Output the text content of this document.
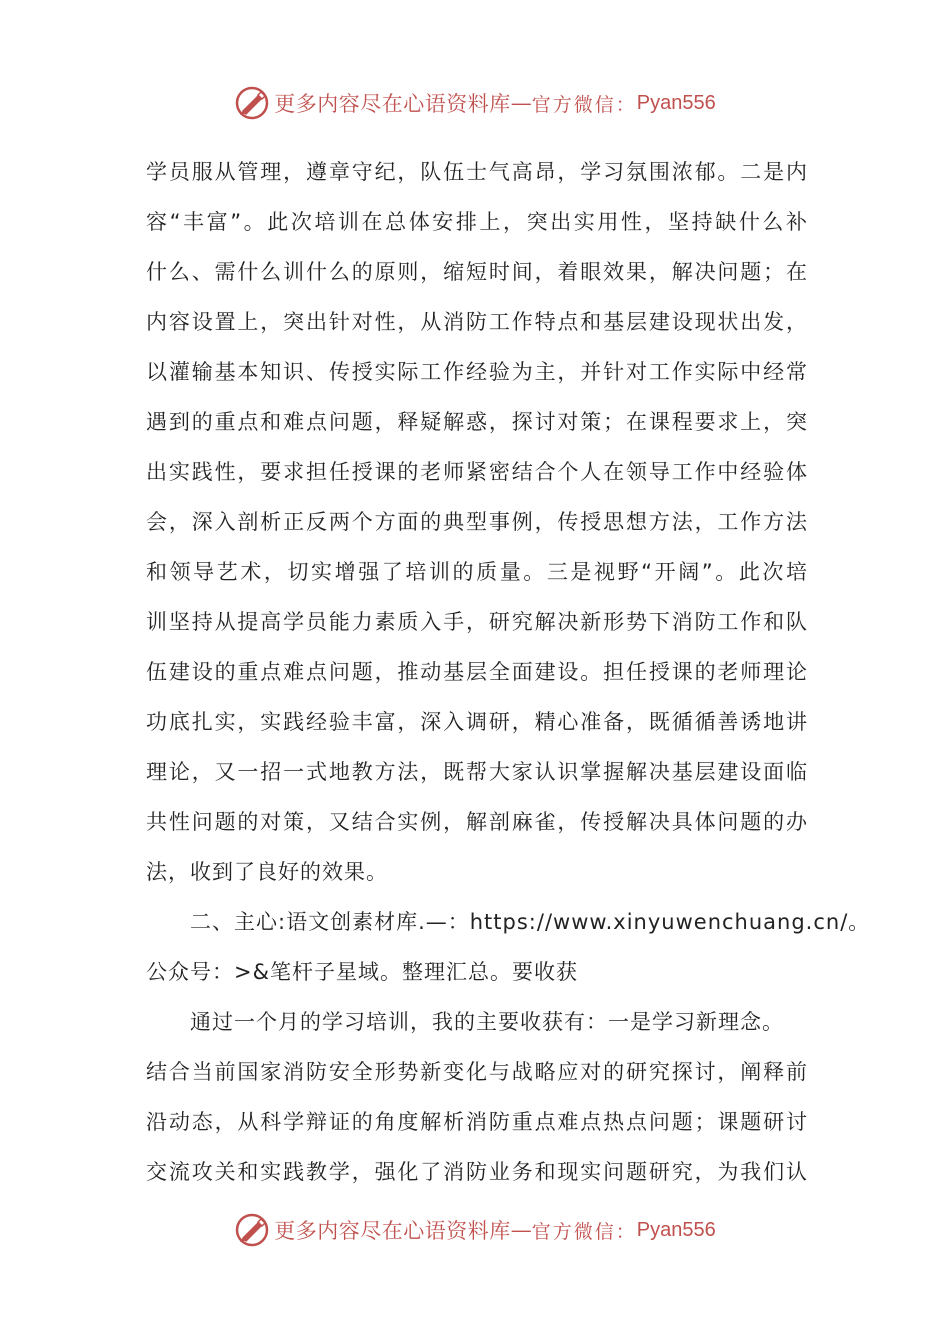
更多内容尽在心语资料库 — 官方微信： Pyan556
学员服从管理，遵章守纪，队伍士气高昂，学习氛围浓郁。二是内
容“丰富”。此次培训在总体安排上，突出实用性，坚持缺什么补
什么、需什么训什么的原则，缩短时间，着眼效果，解决问题；在
内容设置上，突出针对性，从消防工作特点和基层建设现状出发，
以灌输基本知识、传授实际工作经验为主，并针对工作实际中经常
遇到的重点和难点问题，释疑解惑，探讨对策；在课程要求上，突
出实践性，要求担任授课的老师紧密结合个人在领导工作中经验体
会，深入剖析正反两个方面的典型事例，传授思想方法，工作方法
和领导艺术，切实增强了培训的质量。三是视野“开阔”。此次培
训坚持从提高学员能力素质入手，研究解决新形势下消防工作和队
伍建设的重点难点问题，推动基层全面建设。担任授课的老师理论
功底扎实，实践经验丰富，深入调研，精心准备，既循循善诱地讲
理论，又一招一式地教方法，既帮大家认识掌握解决基层建设面临
共性问题的对策，又结合实例，解剖麻雀，传授解决具体问题的办
法，收到了良好的效果。
二、主心:语文创素材库.—：https://www.xinyuwenchuang.cn/。
公众号：>&笔杆子星域。整理汇总。要收获
通过一个月的学习培训，我的主要收获有：一是学习新理念。
结合当前国家消防安全形势新变化与战略应对的研究探讨，阐释前
沿动态，从科学辩证的角度解析消防重点难点热点问题；课题研讨
交流攻关和实践教学，强化了消防业务和现实问题研究，为我们认
更多内容尽在心语资料库 — 官方微信： Pyan556
